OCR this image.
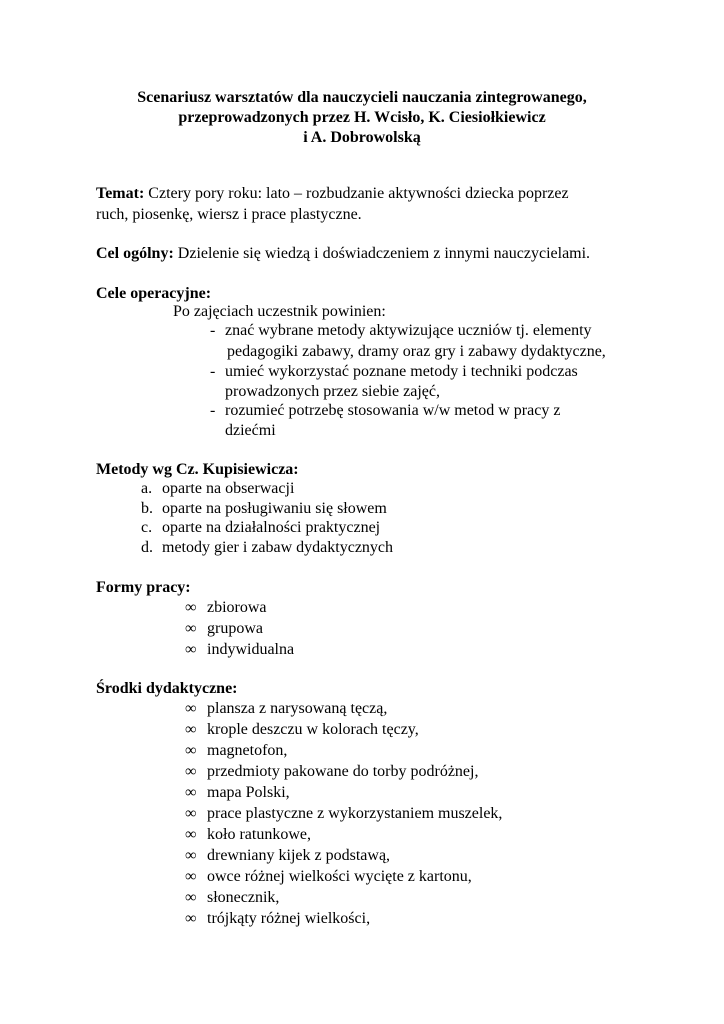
Scenariusz warsztatów dla nauczycieli nauczania zintegrowanego,
przeprowadzonych przez H. Wcisło, K. Ciesiołkiewicz
i A. Dobrowolską
Temat: Cztery pory roku: lato – rozbudzanie aktywności dziecka poprzez
ruch, piosenkę, wiersz i prace plastyczne.
Cel ogólny: Dzielenie się wiedzą i doświadczeniem z innymi nauczycielami.
Cele operacyjne:
Po zajęciach uczestnik powinien:
- znać wybrane metody aktywizujące uczniów tj. elementy
pedagogiki zabawy, dramy oraz gry i zabawy dydaktyczne,
- umieć wykorzystać poznane metody i techniki podczas
prowadzonych przez siebie zajęć,
- rozumieć potrzebę stosowania w/w metod w pracy z
dziećmi
Metody wg Cz. Kupisiewicza:
a. oparte na obserwacji
b. oparte na posługiwaniu się słowem
c. oparte na działalności praktycznej
d. metody gier i zabaw dydaktycznych
Formy pracy:
∞ zbiorowa
∞ grupowa
∞ indywidualna
Środki dydaktyczne:
∞ plansza z narysowaną tęczą,
∞ krople deszczu w kolorach tęczy,
∞ magnetofon,
∞ przedmioty pakowane do torby podróżnej,
∞ mapa Polski,
∞ prace plastyczne z wykorzystaniem muszelek,
∞ koło ratunkowe,
∞ drewniany kijek z podstawą,
∞ owce różnej wielkości wycięte z kartonu,
∞ słonecznik,
∞ trójkąty różnej wielkości,
